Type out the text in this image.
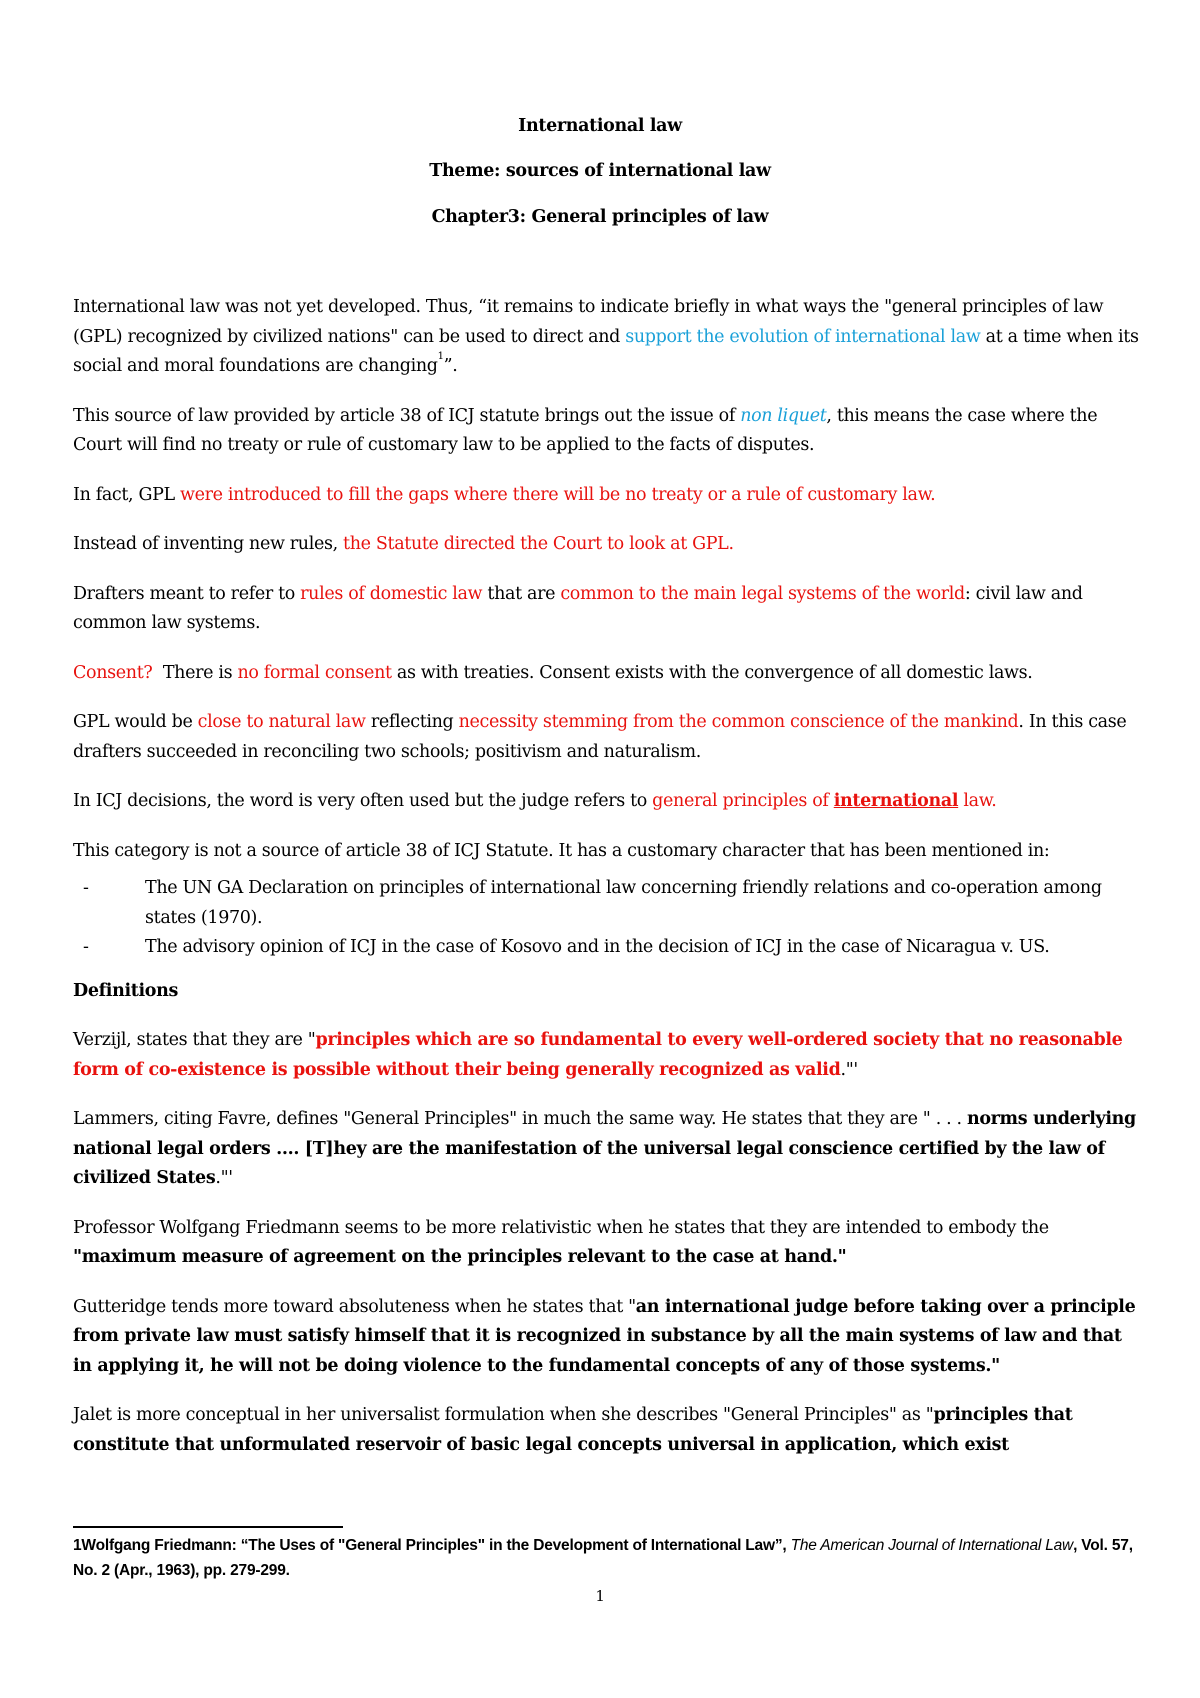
International law
Theme: sources of international law
Chapter3: General principles of law

International law was not yet developed. Thus, “it remains to indicate briefly in what ways the "general principles of law (GPL) recognized by civilized nations" can be used to direct and support the evolution of international law at a time when its social and moral foundations are changing$^1$”.

This source of law provided by article 38 of ICJ statute brings out the issue of non liquet, this means the case where the Court will find no treaty or rule of customary law to be applied to the facts of disputes.

In fact, GPL were introduced to fill the gaps where there will be no treaty or a rule of customary law.

Instead of inventing new rules, the Statute directed the Court to look at GPL.

Drafters meant to refer to rules of domestic law that are common to the main legal systems of the world: civil law and common law systems.

Consent?  There is no formal consent as with treaties. Consent exists with the convergence of all domestic laws.

GPL would be close to natural law reflecting necessity stemming from the common conscience of the mankind. In this case drafters succeeded in reconciling two schools; positivism and naturalism.

In ICJ decisions, the word is very often used but the judge refers to general principles of international law.

This category is not a source of article 38 of ICJ Statute. It has a customary character that has been mentioned in:

-	The UN GA Declaration on principles of international law concerning friendly relations and co-operation among states (1970).
-	The advisory opinion of ICJ in the case of Kosovo and in the decision of ICJ in the case of Nicaragua v. US.

Definitions

Verzijl, states that they are "principles which are so fundamental to every well-ordered society that no reasonable form of co-existence is possible without their being generally recognized as valid."'

Lammers, citing Favre, defines "General Principles" in much the same way. He states that they are " . . . norms underlying national legal orders .... [T]hey are the manifestation of the universal legal conscience certified by the law of civilized States."'

Professor Wolfgang Friedmann seems to be more relativistic when he states that they are intended to embody the "maximum measure of agreement on the principles relevant to the case at hand."

Gutteridge tends more toward absoluteness when he states that "an international judge before taking over a principle from private law must satisfy himself that it is recognized in substance by all the main systems of law and that in applying it, he will not be doing violence to the fundamental concepts of any of those systems."

Jalet is more conceptual in her universalist formulation when she describes "General Principles" as "principles that constitute that unformulated reservoir of basic legal concepts universal in application, which exist

1Wolfgang Friedmann: “The Uses of "General Principles" in the Development of International Law”, The American Journal of International Law, Vol. 57, No. 2 (Apr., 1963), pp. 279-299.
1
